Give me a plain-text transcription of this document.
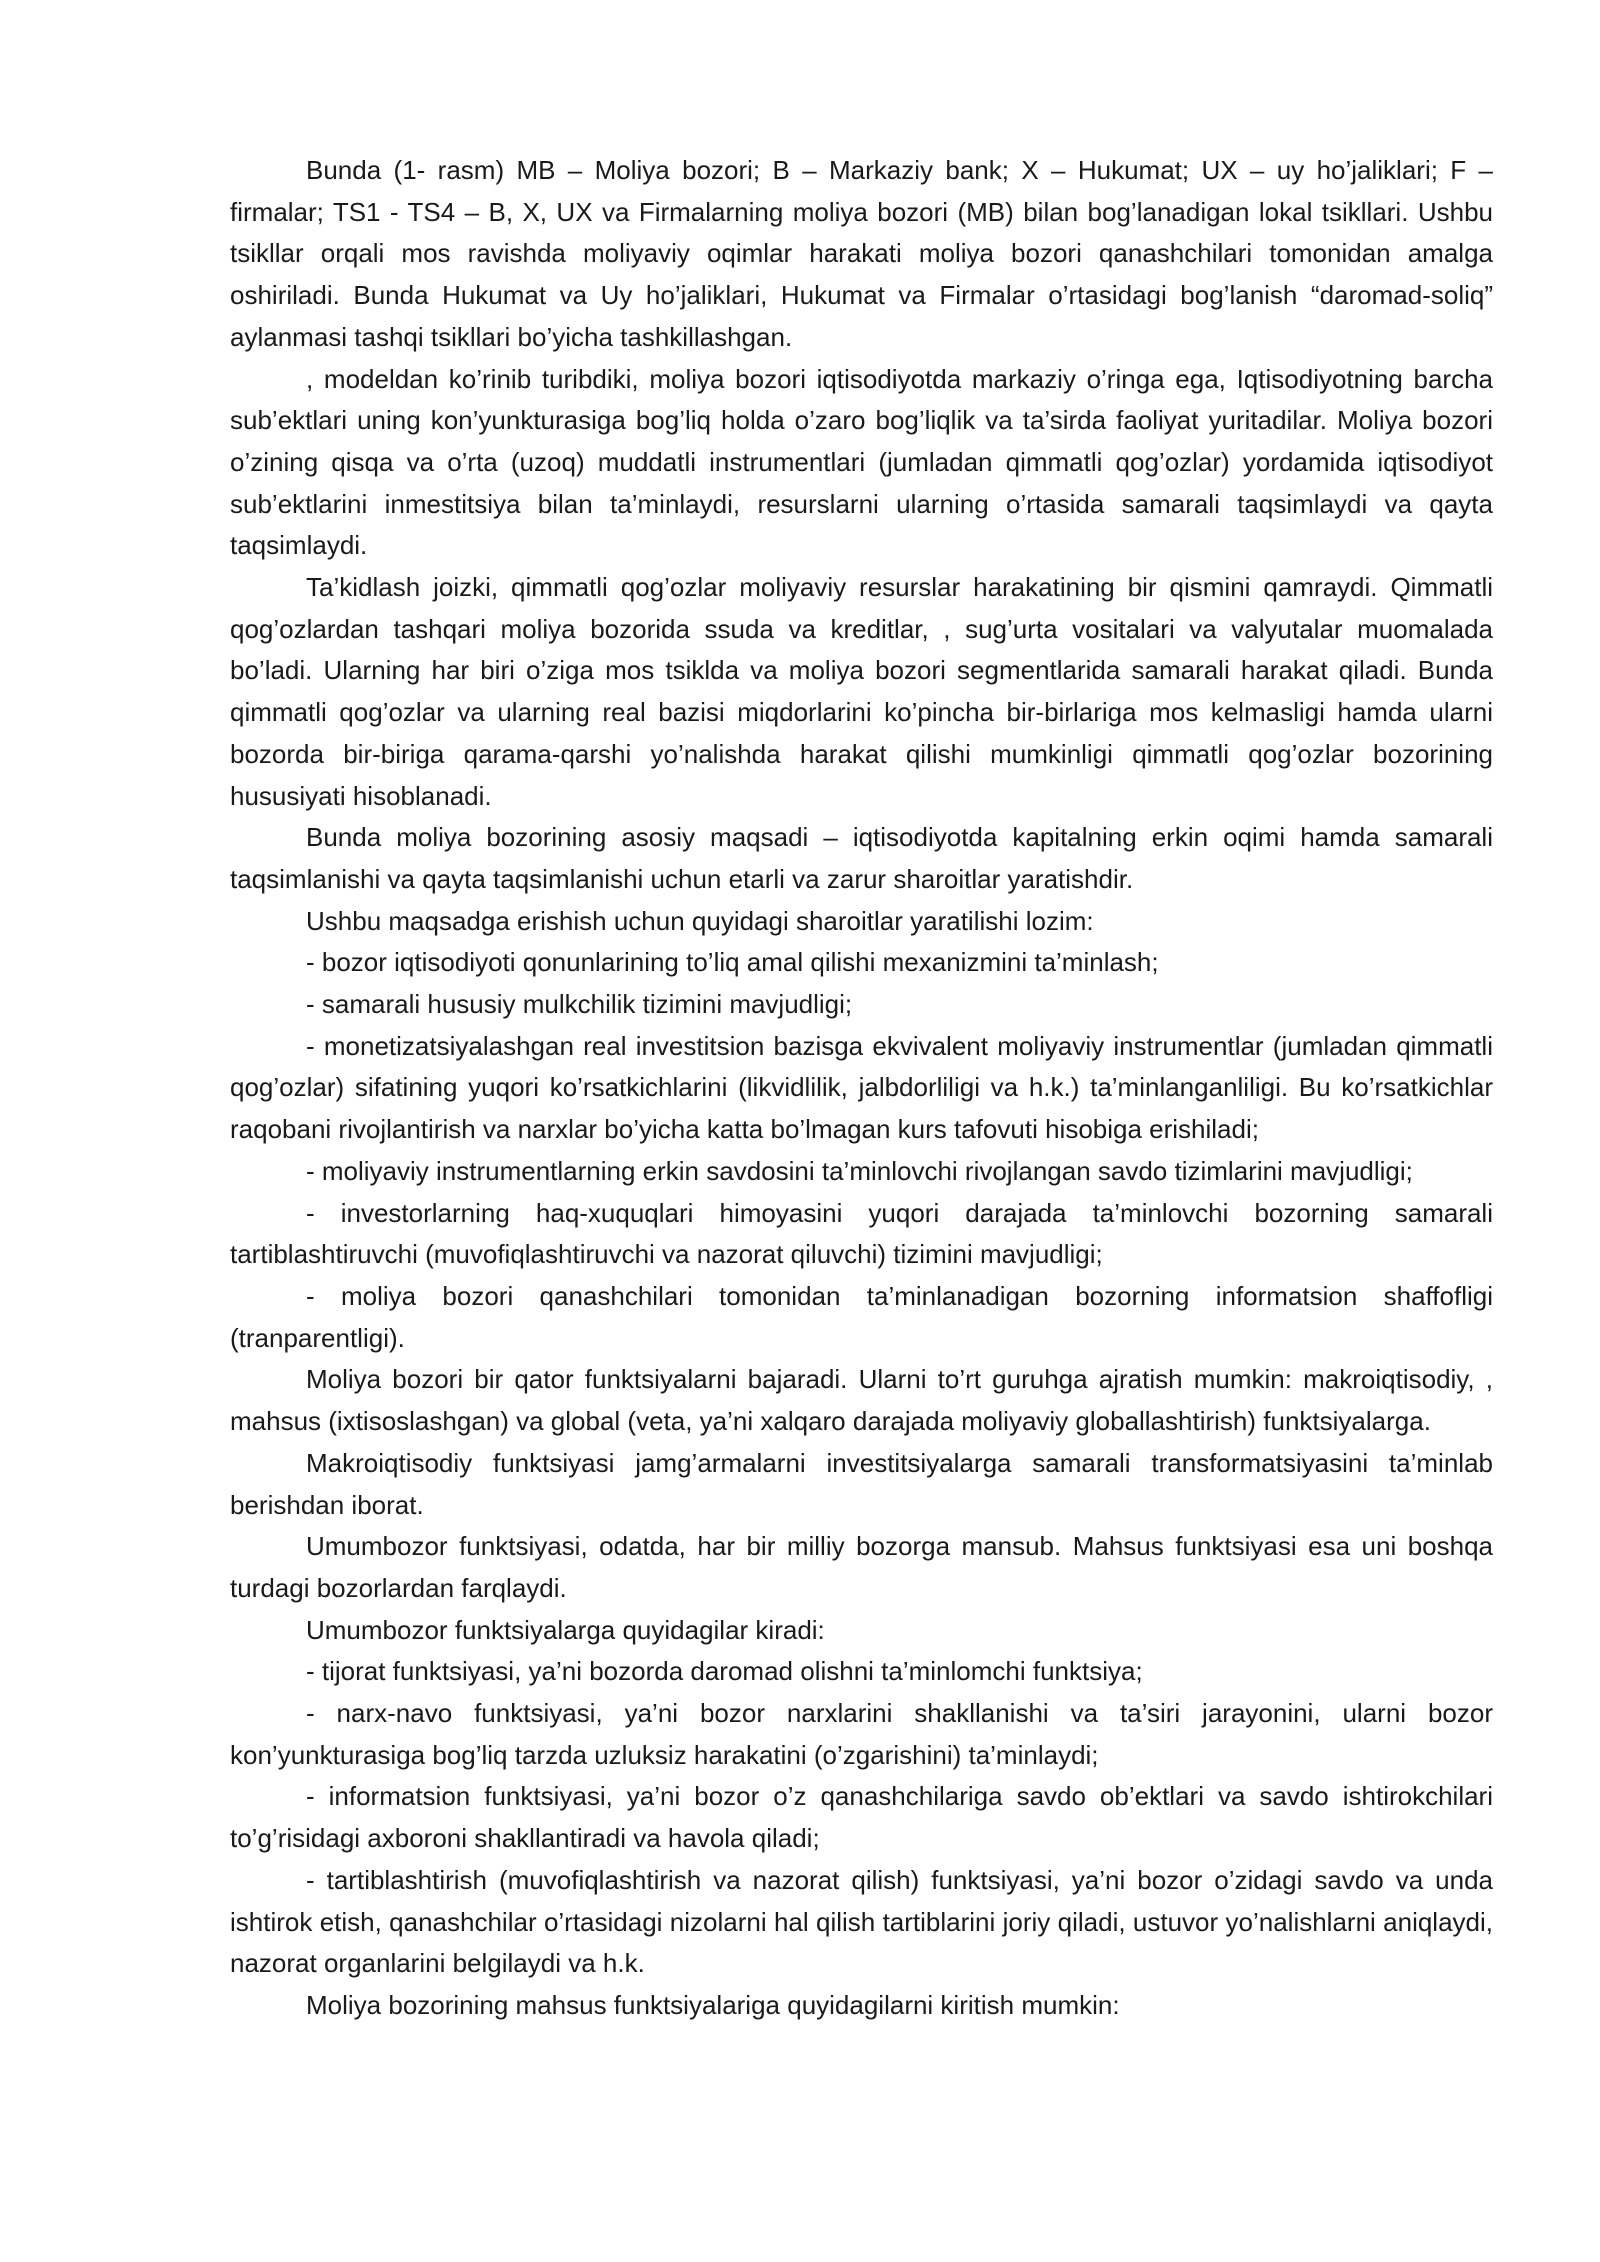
Bunda (1- rasm) MB – Moliya bozori; B – Markaziy bank; X – Hukumat; UX – uy ho’jaliklari; F – firmalar; TS1 - TS4 – B, X, UX va Firmalarning moliya bozori (MB) bilan bog’lanadigan lokal tsikllari. Ushbu tsikllar orqali mos ravishda moliyaviy oqimlar harakati moliya bozori qanashchilari tomonidan amalga oshiriladi. Bunda Hukumat va Uy ho’jaliklari, Hukumat va Firmalar o’rtasidagi bog’lanish “daromad-soliq” aylanmasi tashqi tsikllari bo’yicha tashkillashgan.

, modeldan ko’rinib turibdiki, moliya bozori iqtisodiyotda markaziy o’ringa ega, Iqtisodiyotning barcha sub’ektlari uning kon’yunkturasiga bog’liq holda o’zaro bog’liqlik va ta’sirda faoliyat yuritadilar. Moliya bozori o’zining qisqa va o’rta (uzoq) muddatli instrumentlari (jumladan qimmatli qog’ozlar) yordamida iqtisodiyot sub’ektlarini inmestitsiya bilan ta’minlaydi, resurslarni ularning o’rtasida samarali taqsimlaydi va qayta taqsimlaydi.

Ta’kidlash joizki, qimmatli qog’ozlar moliyaviy resurslar harakatining bir qismini qamraydi. Qimmatli qog’ozlardan tashqari moliya bozorida ssuda va kreditlar, , sug’urta vositalari va valyutalar muomalada bo’ladi. Ularning har biri o’ziga mos tsiklda va moliya bozori segmentlarida samarali harakat qiladi. Bunda qimmatli qog’ozlar va ularning real bazisi miqdorlarini ko’pincha bir-birlariga mos kelmasligi hamda ularni bozorda bir-biriga qarama-qarshi yo’nalishda harakat qilishi mumkinligi qimmatli qog’ozlar bozorining hususiyati hisoblanadi.

Bunda moliya bozorining asosiy maqsadi – iqtisodiyotda kapitalning erkin oqimi hamda samarali taqsimlanishi va qayta taqsimlanishi uchun etarli va zarur sharoitlar yaratishdir.

Ushbu maqsadga erishish uchun quyidagi sharoitlar yaratilishi lozim:

- bozor iqtisodiyoti qonunlarining to’liq amal qilishi mexanizmini ta’minlash;

- samarali hususiy mulkchilik tizimini mavjudligi;

- monetizatsiyalashgan real investitsion bazisga ekvivalent moliyaviy instrumentlar (jumladan qimmatli qog’ozlar) sifatining yuqori ko’rsatkichlarini (likvidlilik, jalbdorliligi va h.k.) ta’minlanganliligi. Bu ko’rsatkichlar raqobani rivojlantirish va narxlar bo’yicha katta bo’lmagan kurs tafovuti hisobiga erishiladi;

- moliyaviy instrumentlarning erkin savdosini ta’minlovchi rivojlangan savdo tizimlarini mavjudligi;

- investorlarning haq-xuquqlari himoyasini yuqori darajada ta’minlovchi bozorning samarali tartiblashtiruvchi (muvofiqlashtiruvchi va nazorat qiluvchi) tizimini mavjudligi;

- moliya bozori qanashchilari tomonidan ta’minlanadigan bozorning informatsion shaffofligi (tranparentligi).

Moliya bozori bir qator funktsiyalarni bajaradi. Ularni to’rt guruhga ajratish mumkin: makroiqtisodiy, , mahsus (ixtisoslashgan) va global (veta, ya’ni xalqaro darajada moliyaviy globallashtirish) funktsiyalarga.

Makroiqtisodiy funktsiyasi jamg’armalarni investitsiyalarga samarali transformatsiyasini ta’minlab berishdan iborat.

Umumbozor funktsiyasi, odatda, har bir milliy bozorga mansub. Mahsus funktsiyasi esa uni boshqa turdagi bozorlardan farqlaydi.

Umumbozor funktsiyalarga quyidagilar kiradi:

- tijorat funktsiyasi, ya’ni bozorda daromad olishni ta’minlomchi funktsiya;

- narx-navo funktsiyasi, ya’ni bozor narxlarini shakllanishi va ta’siri jarayonini, ularni bozor kon’yunkturasiga bog’liq tarzda uzluksiz harakatini (o’zgarishini) ta’minlaydi;

- informatsion funktsiyasi, ya’ni bozor o’z qanashchilariga savdo ob’ektlari va savdo ishtirokchilari to’g’risidagi axboroni shakllantiradi va havola qiladi;

- tartiblashtirish (muvofiqlashtirish va nazorat qilish) funktsiyasi, ya’ni bozor o’zidagi savdo va unda ishtirok etish, qanashchilar o’rtasidagi nizolarni hal qilish tartiblarini joriy qiladi, ustuvor yo’nalishlarni aniqlaydi, nazorat organlarini belgilaydi va h.k.

Moliya bozorining mahsus funktsiyalariga quyidagilarni kiritish mumkin:
